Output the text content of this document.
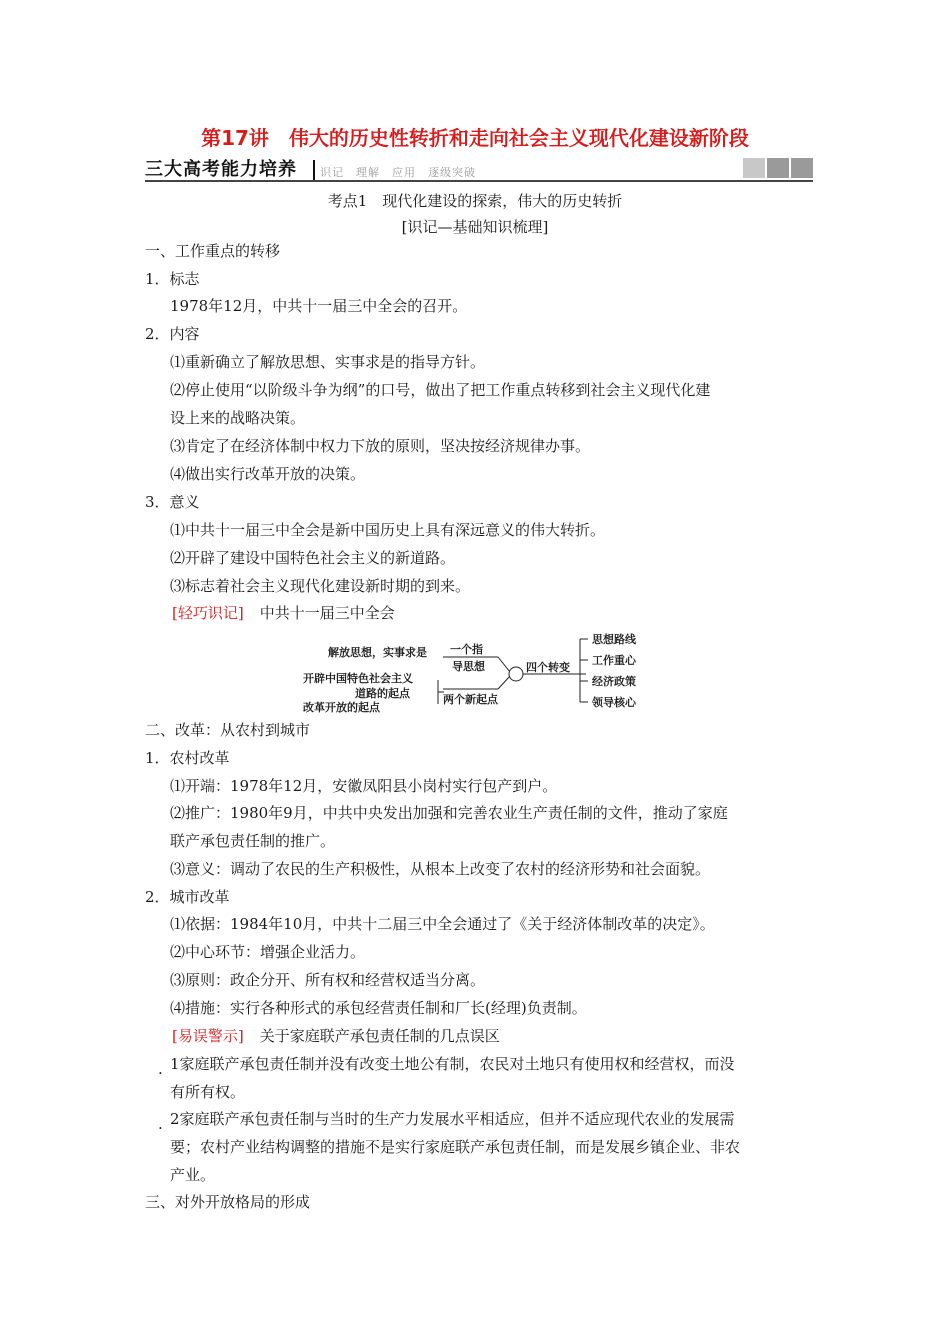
第17讲　伟大的历史性转折和走向社会主义现代化建设新阶段
三大高考能力培养 识记　理解　应用　逐级突破
考点1　现代化建设的探索，伟大的历史转折
[识记—基础知识梳理]
一、工作重点的转移
1．标志
1978年12月，中共十一届三中全会的召开。
2．内容
⑴重新确立了解放思想、实事求是的指导方针。
⑵停止使用“以阶级斗争为纲”的口号，做出了把工作重点转移到社会主义现代化建
设上来的战略决策。
⑶肯定了在经济体制中权力下放的原则，坚决按经济规律办事。
⑷做出实行改革开放的决策。
3．意义
⑴中共十一届三中全会是新中国历史上具有深远意义的伟大转折。
⑵开辟了建设中国特色社会主义的新道路。
⑶标志着社会主义现代化建设新时期的到来。
[轻巧识记] 中共十一届三中全会
解放思想，实事求是
开辟中国特色社会主义
道路的起点
改革开放的起点
一个指
导思想
两个新起点
四个转变
思想路线
工作重心
经济政策
领导核心
二、改革：从农村到城市
1．农村改革
⑴开端：1978年12月，安徽凤阳县小岗村实行包产到户。
⑵推广：1980年9月，中共中央发出加强和完善农业生产责任制的文件，推动了家庭
联产承包责任制的推广。
⑶意义：调动了农民的生产积极性，从根本上改变了农村的经济形势和社会面貌。
2．城市改革
⑴依据：1984年10月，中共十二届三中全会通过了《关于经济体制改革的决定》。
⑵中心环节：增强企业活力。
⑶原则：政企分开、所有权和经营权适当分离。
⑷措施：实行各种形式的承包经营责任制和厂长(经理)负责制。
[易误警示] 关于家庭联产承包责任制的几点误区
. 1家庭联产承包责任制并没有改变土地公有制，农民对土地只有使用权和经营权，而没
有所有权。
. 2家庭联产承包责任制与当时的生产力发展水平相适应，但并不适应现代农业的发展需
要；农村产业结构调整的措施不是实行家庭联产承包责任制，而是发展乡镇企业、非农
产业。
三、对外开放格局的形成
